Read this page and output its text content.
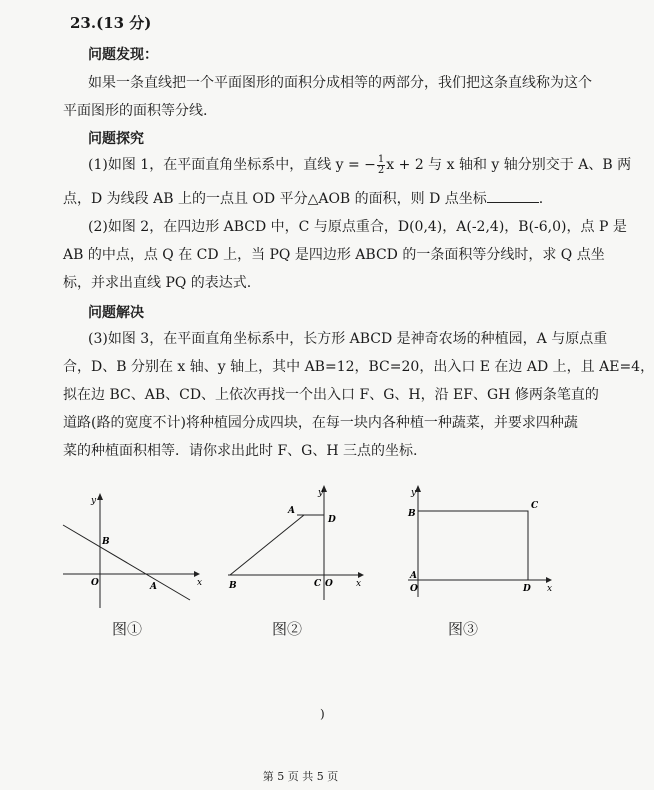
23.(13 分)
问题发现：
如果一条直线把一个平面图形的面积分成相等的两部分，我们把这条直线称为这个
平面图形的面积等分线.
问题探究
(1)如图 1，在平面直角坐标系中，直线 y = − $\frac{1}{2}$ x + 2 与 x 轴和 y 轴分别交于 A、B 两
点，D 为线段 AB 上的一点且 OD 平分△AOB 的面积，则 D 点坐标	.
(2)如图 2，在四边形 ABCD 中，C 与原点重合，D(0,4)，A(-2,4)，B(-6,0)，点 P 是
AB 的中点，点 Q 在 CD 上，当 PQ 是四边形 ABCD 的一条面积等分线时，求 Q 点坐
标，并求出直线 PQ 的表达式.
问题解决
(3)如图 3，在平面直角坐标系中，长方形 ABCD 是神奇农场的种植园，A 与原点重
合，D、B 分别在 x 轴、y 轴上，其中 AB=12，BC=20，出入口 E 在边 AD 上，且 AE=4，
拟在边 BC、AB、CD、上依次再找一个出入口 F、G、H，沿 EF、GH 修两条笔直的
道路(路的宽度不计)将种植园分成四块，在每一块内各种植一种蔬菜，并要求四种蔬
菜的种植面积相等．请你求出此时 F、G、H 三点的坐标.
y
x
O	A
B
图①
y
x
A
B	C O
D
图②
y
x
B
C
A
O	D
图③
)
第 5 页 共 5 页
